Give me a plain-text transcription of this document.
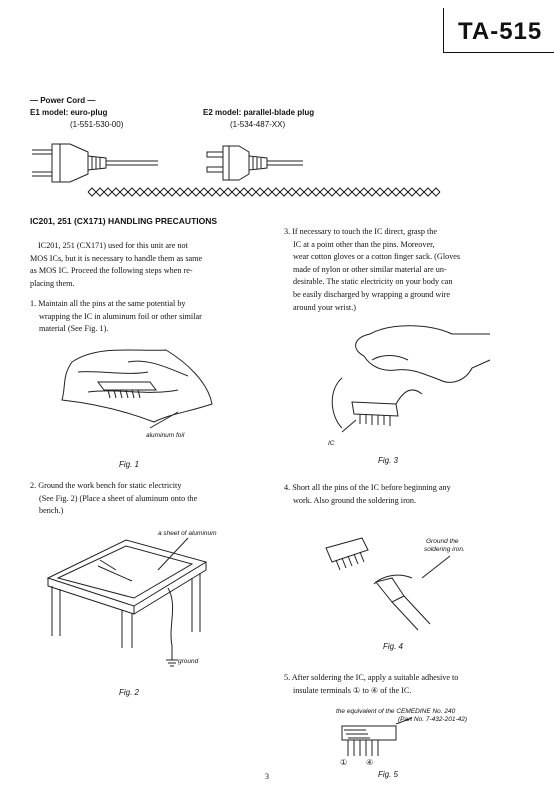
TA-515
— Power Cord —
E1 model: euro-plug
(1-551-530-00)
E2 model: parallel-blade plug
(1-534-487-XX)
IC201, 251 (CX171) HANDLING PRECAUTIONS
IC201, 251 (CX171) used for this unit are not
MOS ICs, but it is necessary to handle them as same
as MOS IC. Proceed the following steps when re-
placing them.
1. Maintain all the pins at the same potential by
wrapping the IC in aluminum foil or other similar
material (See Fig. 1).
aluminum foil
Fig. 1
2. Ground the work bench for static electricity
(See Fig. 2) (Place a sheet of aluminum onto the
bench.)
a sheet of aluminum
ground
Fig. 2
3. If necessary to touch the IC direct, grasp the
IC at a point other than the pins. Moreover,
wear cotton gloves or a cotton finger sack. (Gloves
made of nylon or other similar material are un-
desirable. The static electricity on your body can
be easily discharged by wrapping a ground wire
around your wrist.)
IC
Fig. 3
4. Short all the pins of the IC before beginning any
work. Also ground the soldering iron.
Ground the
soldering iron.
Fig. 4
5. After soldering the IC, apply a suitable adhesive to
insulate terminals ① to ④ of the IC.
the equivalent of the CEMEDINE No. 240
(Part No. 7-432-201-42)
① ④
Fig. 5
3
